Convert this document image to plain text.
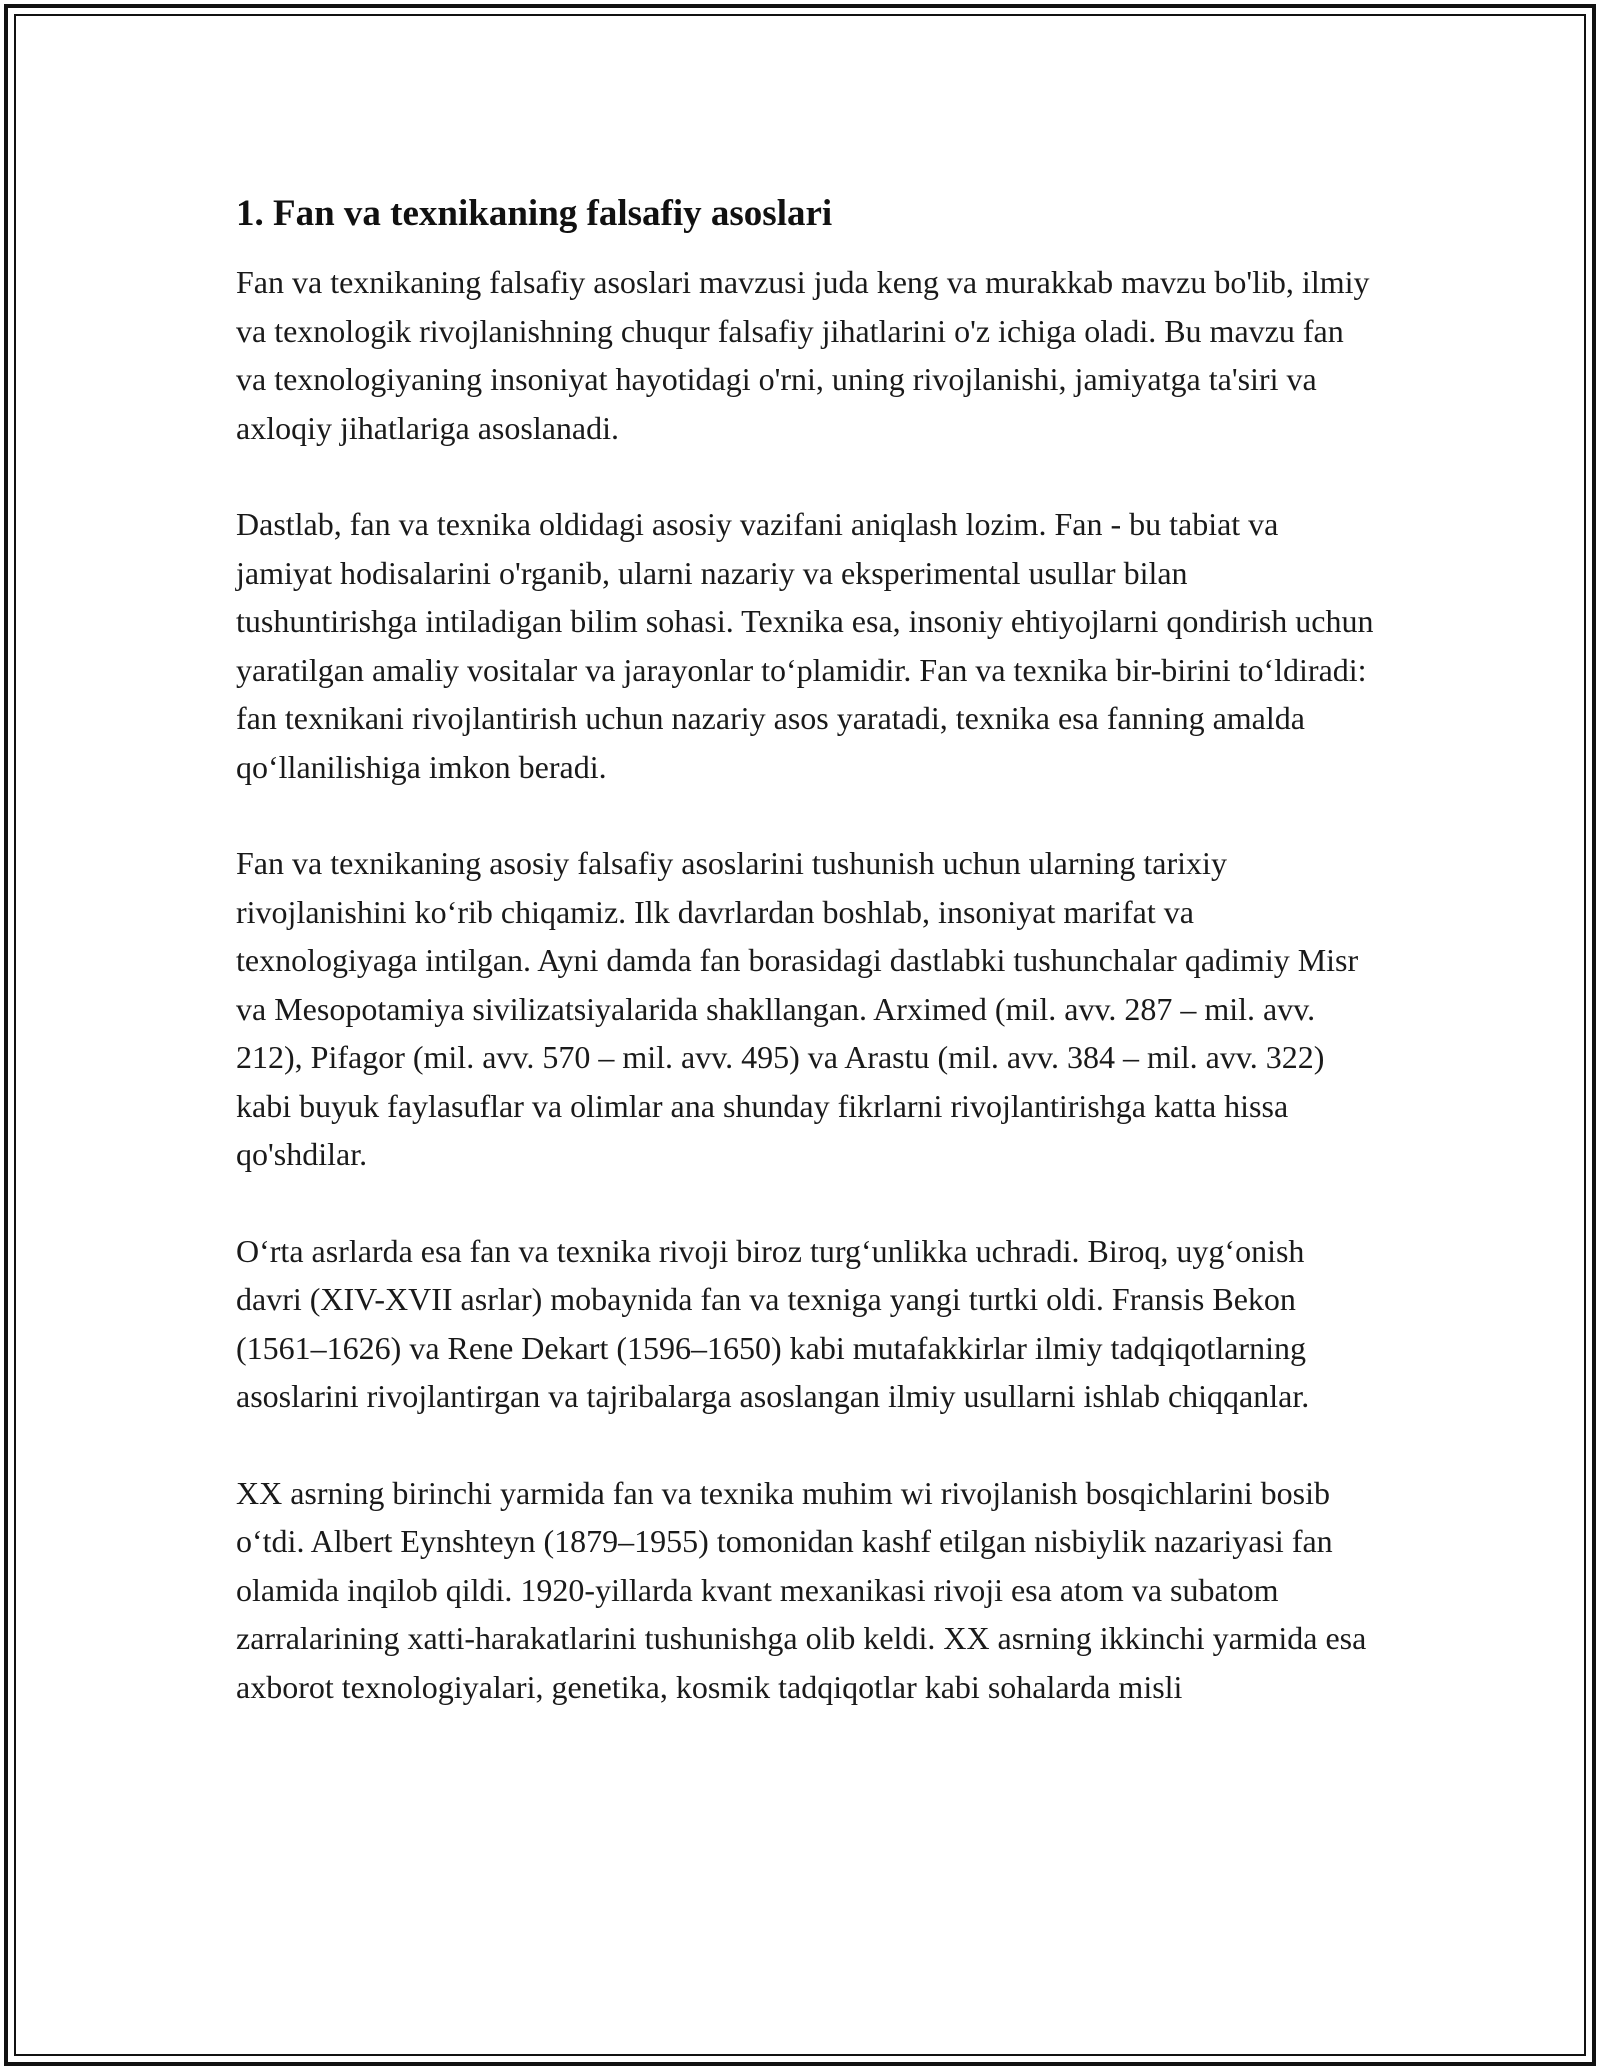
1. Fan va texnikaning falsafiy asoslari

Fan va texnikaning falsafiy asoslari mavzusi juda keng va murakkab mavzu bo'lib, ilmiy va texnologik rivojlanishning chuqur falsafiy jihatlarini o'z ichiga oladi. Bu mavzu fan va texnologiyaning insoniyat hayotidagi o'rni, uning rivojlanishi, jamiyatga ta'siri va axloqiy jihatlariga asoslanadi.

Dastlab, fan va texnika oldidagi asosiy vazifani aniqlash lozim. Fan - bu tabiat va jamiyat hodisalarini o'rganib, ularni nazariy va eksperimental usullar bilan tushuntirishga intiladigan bilim sohasi. Texnika esa, insoniy ehtiyojlarni qondirish uchun yaratilgan amaliy vositalar va jarayonlar to‘plamidir. Fan va texnika bir-birini to‘ldiradi: fan texnikani rivojlantirish uchun nazariy asos yaratadi, texnika esa fanning amalda qo‘llanilishiga imkon beradi.

Fan va texnikaning asosiy falsafiy asoslarini tushunish uchun ularning tarixiy rivojlanishini ko‘rib chiqamiz. Ilk davrlardan boshlab, insoniyat marifat va texnologiyaga intilgan. Ayni damda fan borasidagi dastlabki tushunchalar qadimiy Misr va Mesopotamiya sivilizatsiyalarida shakllangan. Arximed (mil. avv. 287 – mil. avv. 212), Pifagor (mil. avv. 570 – mil. avv. 495) va Arastu (mil. avv. 384 – mil. avv. 322) kabi buyuk faylasuflar va olimlar ana shunday fikrlarni rivojlantirishga katta hissa qo'shdilar.

O‘rta asrlarda esa fan va texnika rivoji biroz turg‘unlikka uchradi. Biroq, uyg‘onish davri (XIV-XVII asrlar) mobaynida fan va texniga yangi turtki oldi. Fransis Bekon (1561–1626) va Rene Dekart (1596–1650) kabi mutafakkirlar ilmiy tadqiqotlarning asoslarini rivojlantirgan va tajribalarga asoslangan ilmiy usullarni ishlab chiqqanlar.

XX asrning birinchi yarmida fan va texnika muhim wi rivojlanish bosqichlarini bosib o‘tdi. Albert Eynshteyn (1879–1955) tomonidan kashf etilgan nisbiylik nazariyasi fan olamida inqilob qildi. 1920-yillarda kvant mexanikasi rivoji esa atom va subatom zarralarining xatti-harakatlarini tushunishga olib keldi. XX asrning ikkinchi yarmida esa axborot texnologiyalari, genetika, kosmik tadqiqotlar kabi sohalarda misli
